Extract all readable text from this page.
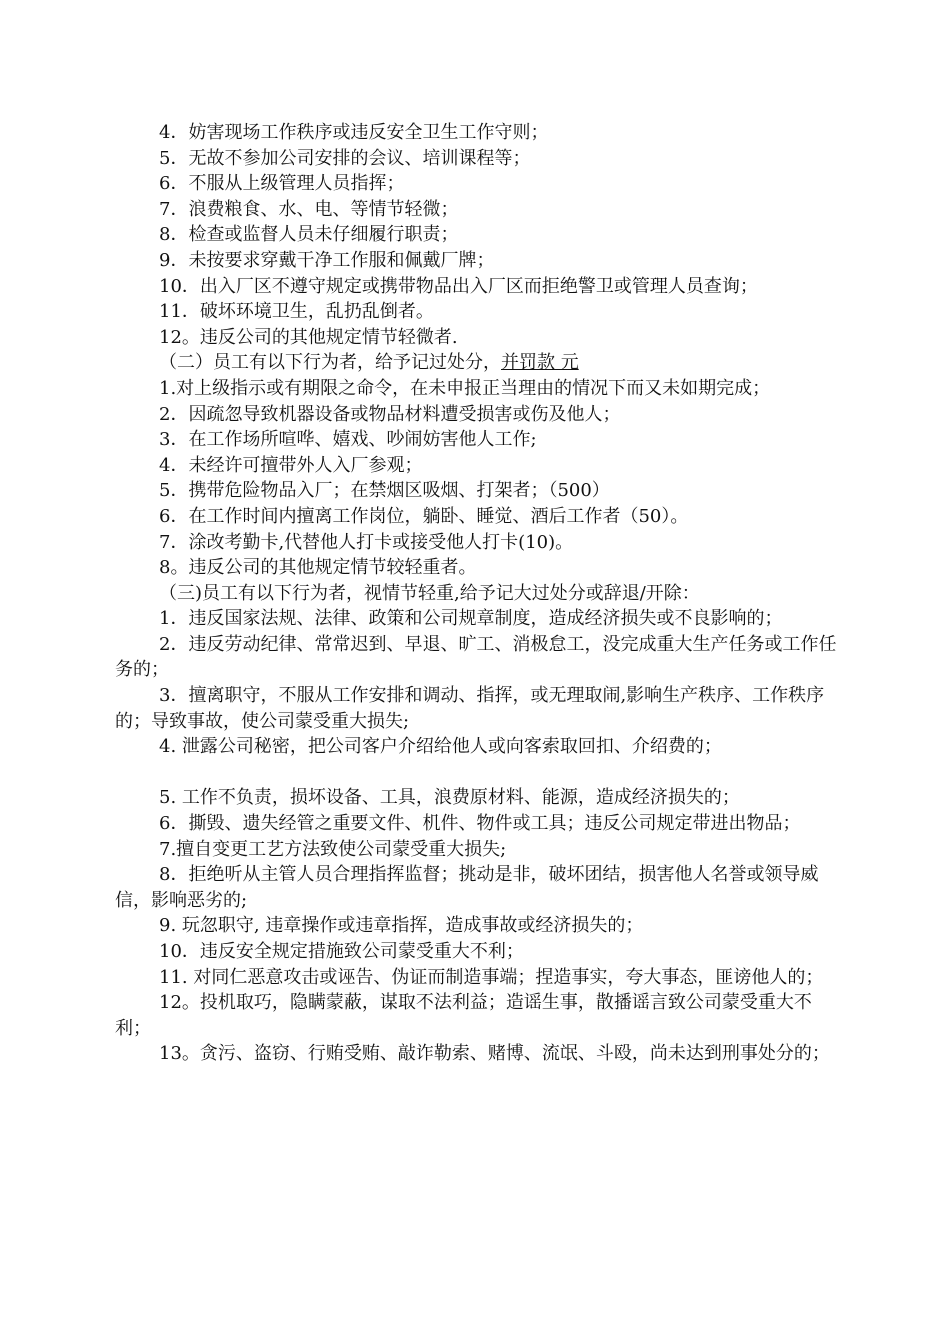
4．妨害现场工作秩序或违反安全卫生工作守则；

5．无故不参加公司安排的会议、培训课程等；

6．不服从上级管理人员指挥；

7．浪费粮食、水、电、等情节轻微；

8．检查或监督人员未仔细履行职责；

9．未按要求穿戴干净工作服和佩戴厂牌；

10．出入厂区不遵守规定或携带物品出入厂区而拒绝警卫或管理人员查询；

11．破坏环境卫生，乱扔乱倒者。

12。违反公司的其他规定情节轻微者.

（二）员工有以下行为者，给予记过处分，并罚款 元

1.对上级指示或有期限之命令，在未申报正当理由的情况下而又未如期完成；

2．因疏忽导致机器设备或物品材料遭受损害或伤及他人；

3．在工作场所喧哗、嬉戏、吵闹妨害他人工作;

4．未经许可擅带外人入厂参观；

5．携带危险物品入厂；在禁烟区吸烟、打架者；（500）

6．在工作时间内擅离工作岗位，躺卧、睡觉、酒后工作者（50）。

7．涂改考勤卡,代替他人打卡或接受他人打卡(10)。

8。违反公司的其他规定情节较轻重者。

（三)员工有以下行为者，视情节轻重,给予记大过处分或辞退/开除：

1．违反国家法规、法律、政策和公司规章制度，造成经济损失或不良影响的；

2．违反劳动纪律、常常迟到、早退、旷工、消极怠工，没完成重大生产任务或工作任务的；

3．擅离职守，不服从工作安排和调动、指挥，或无理取闹,影响生产秩序、工作秩序的；导致事故，使公司蒙受重大损失;

4. 泄露公司秘密，把公司客户介绍给他人或向客索取回扣、介绍费的；

5. 工作不负责，损坏设备、工具，浪费原材料、能源，造成经济损失的；

6．撕毁、遗失经管之重要文件、机件、物件或工具；违反公司规定带进出物品；

7.擅自变更工艺方法致使公司蒙受重大损失;

8．拒绝听从主管人员合理指挥监督；挑动是非，破坏团结，损害他人名誉或领导威信，影响恶劣的;

9. 玩忽职守, 违章操作或违章指挥，造成事故或经济损失的；

10．违反安全规定措施致公司蒙受重大不利；

11. 对同仁恶意攻击或诬告、伪证而制造事端；捏造事实，夸大事态，匪谤他人的；

12。投机取巧，隐瞒蒙蔽，谋取不法利益；造谣生事，散播谣言致公司蒙受重大不利；

13。贪污、盗窃、行贿受贿、敲诈勒索、赌博、流氓、斗殴，尚未达到刑事处分的；
